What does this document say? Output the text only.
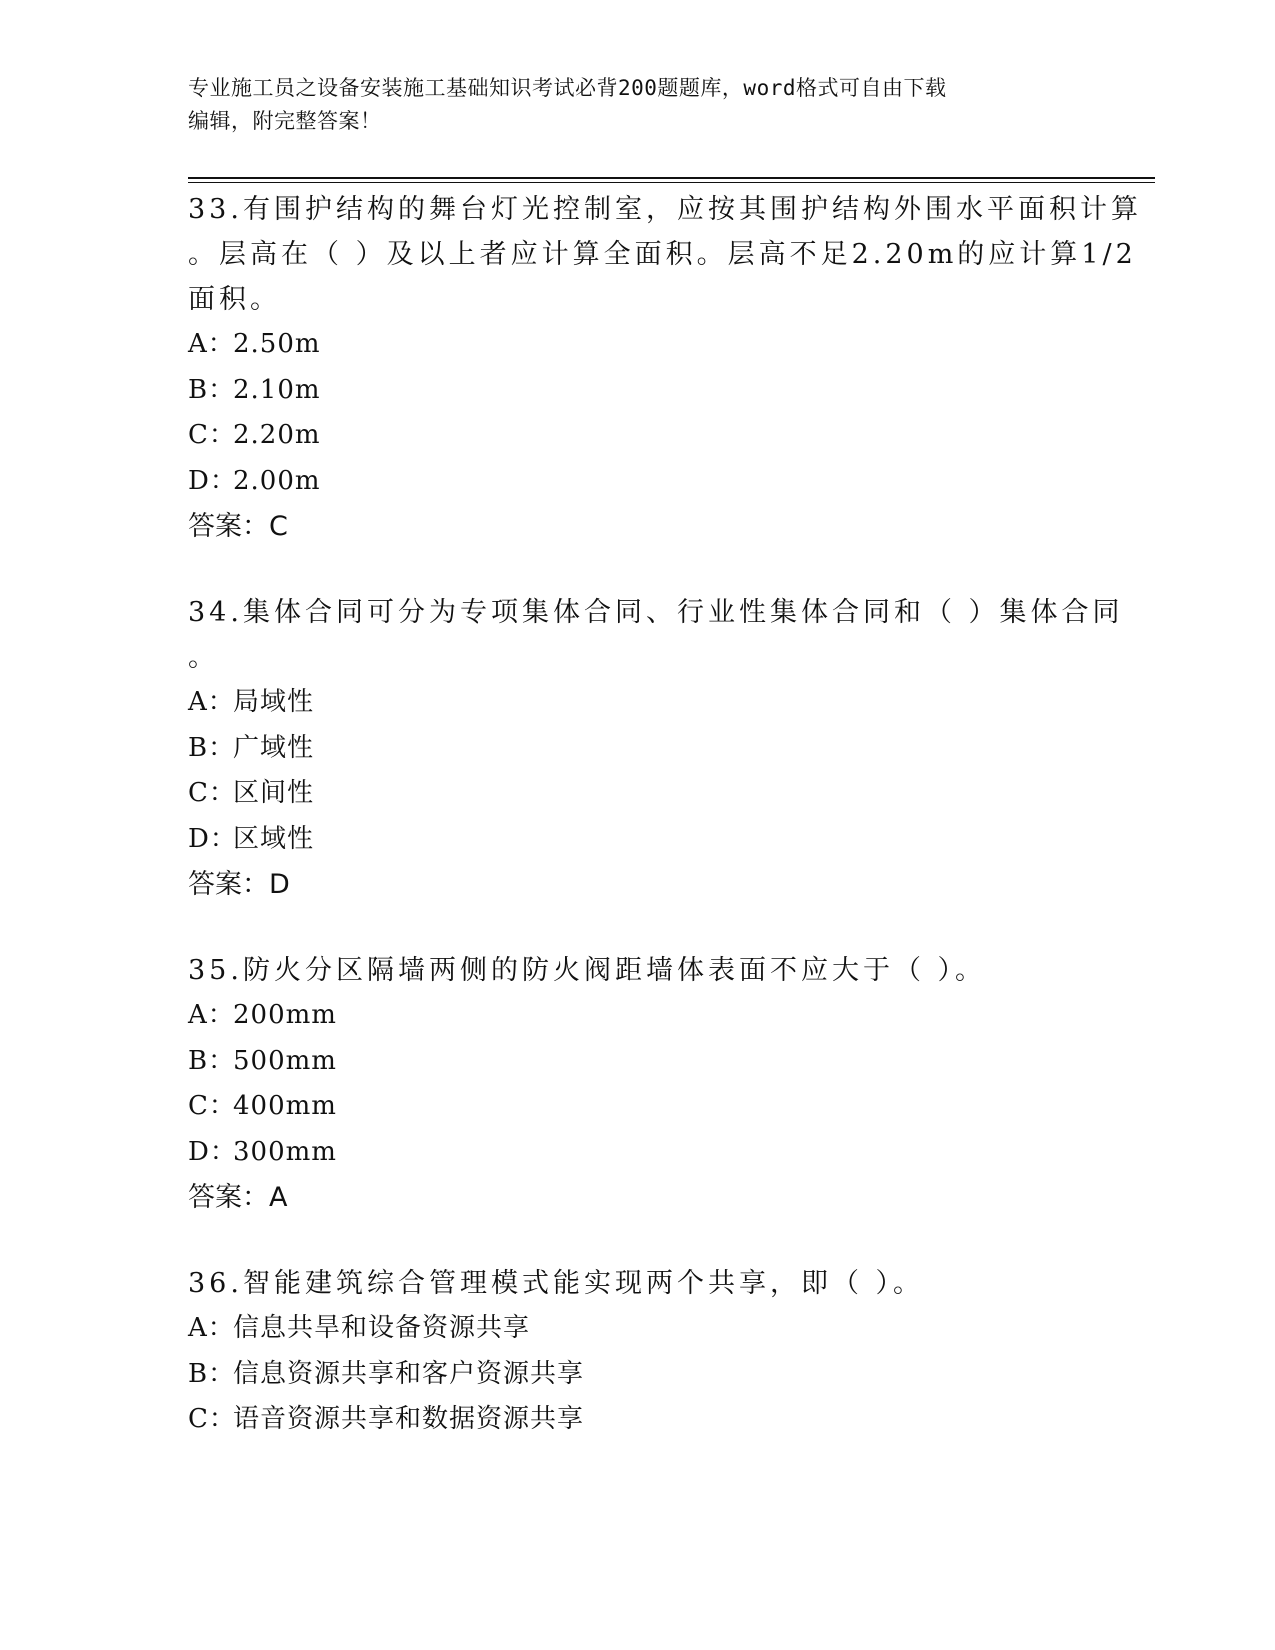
专业施工员之设备安装施工基础知识考试必背200题题库，word格式可自由下载
编辑，附完整答案！
33.有围护结构的舞台灯光控制室，应按其围护结构外围水平面积计算
。层高在（ ）及以上者应计算全面积。层高不足2.20m的应计算1/2
面积。
A：2.50m
B：2.10m
C：2.20m
D：2.00m
答案：C
34.集体合同可分为专项集体合同、行业性集体合同和（ ）集体合同
。
A：局域性
B：广域性
C：区间性
D：区域性
答案：D
35.防火分区隔墙两侧的防火阀距墙体表面不应大于（ ）。
A：200mm
B：500mm
C：400mm
D：300mm
答案：A
36.智能建筑综合管理模式能实现两个共享，即（ ）。
A：信息共旱和设备资源共享
B：信息资源共享和客户资源共享
C：语音资源共享和数据资源共享
